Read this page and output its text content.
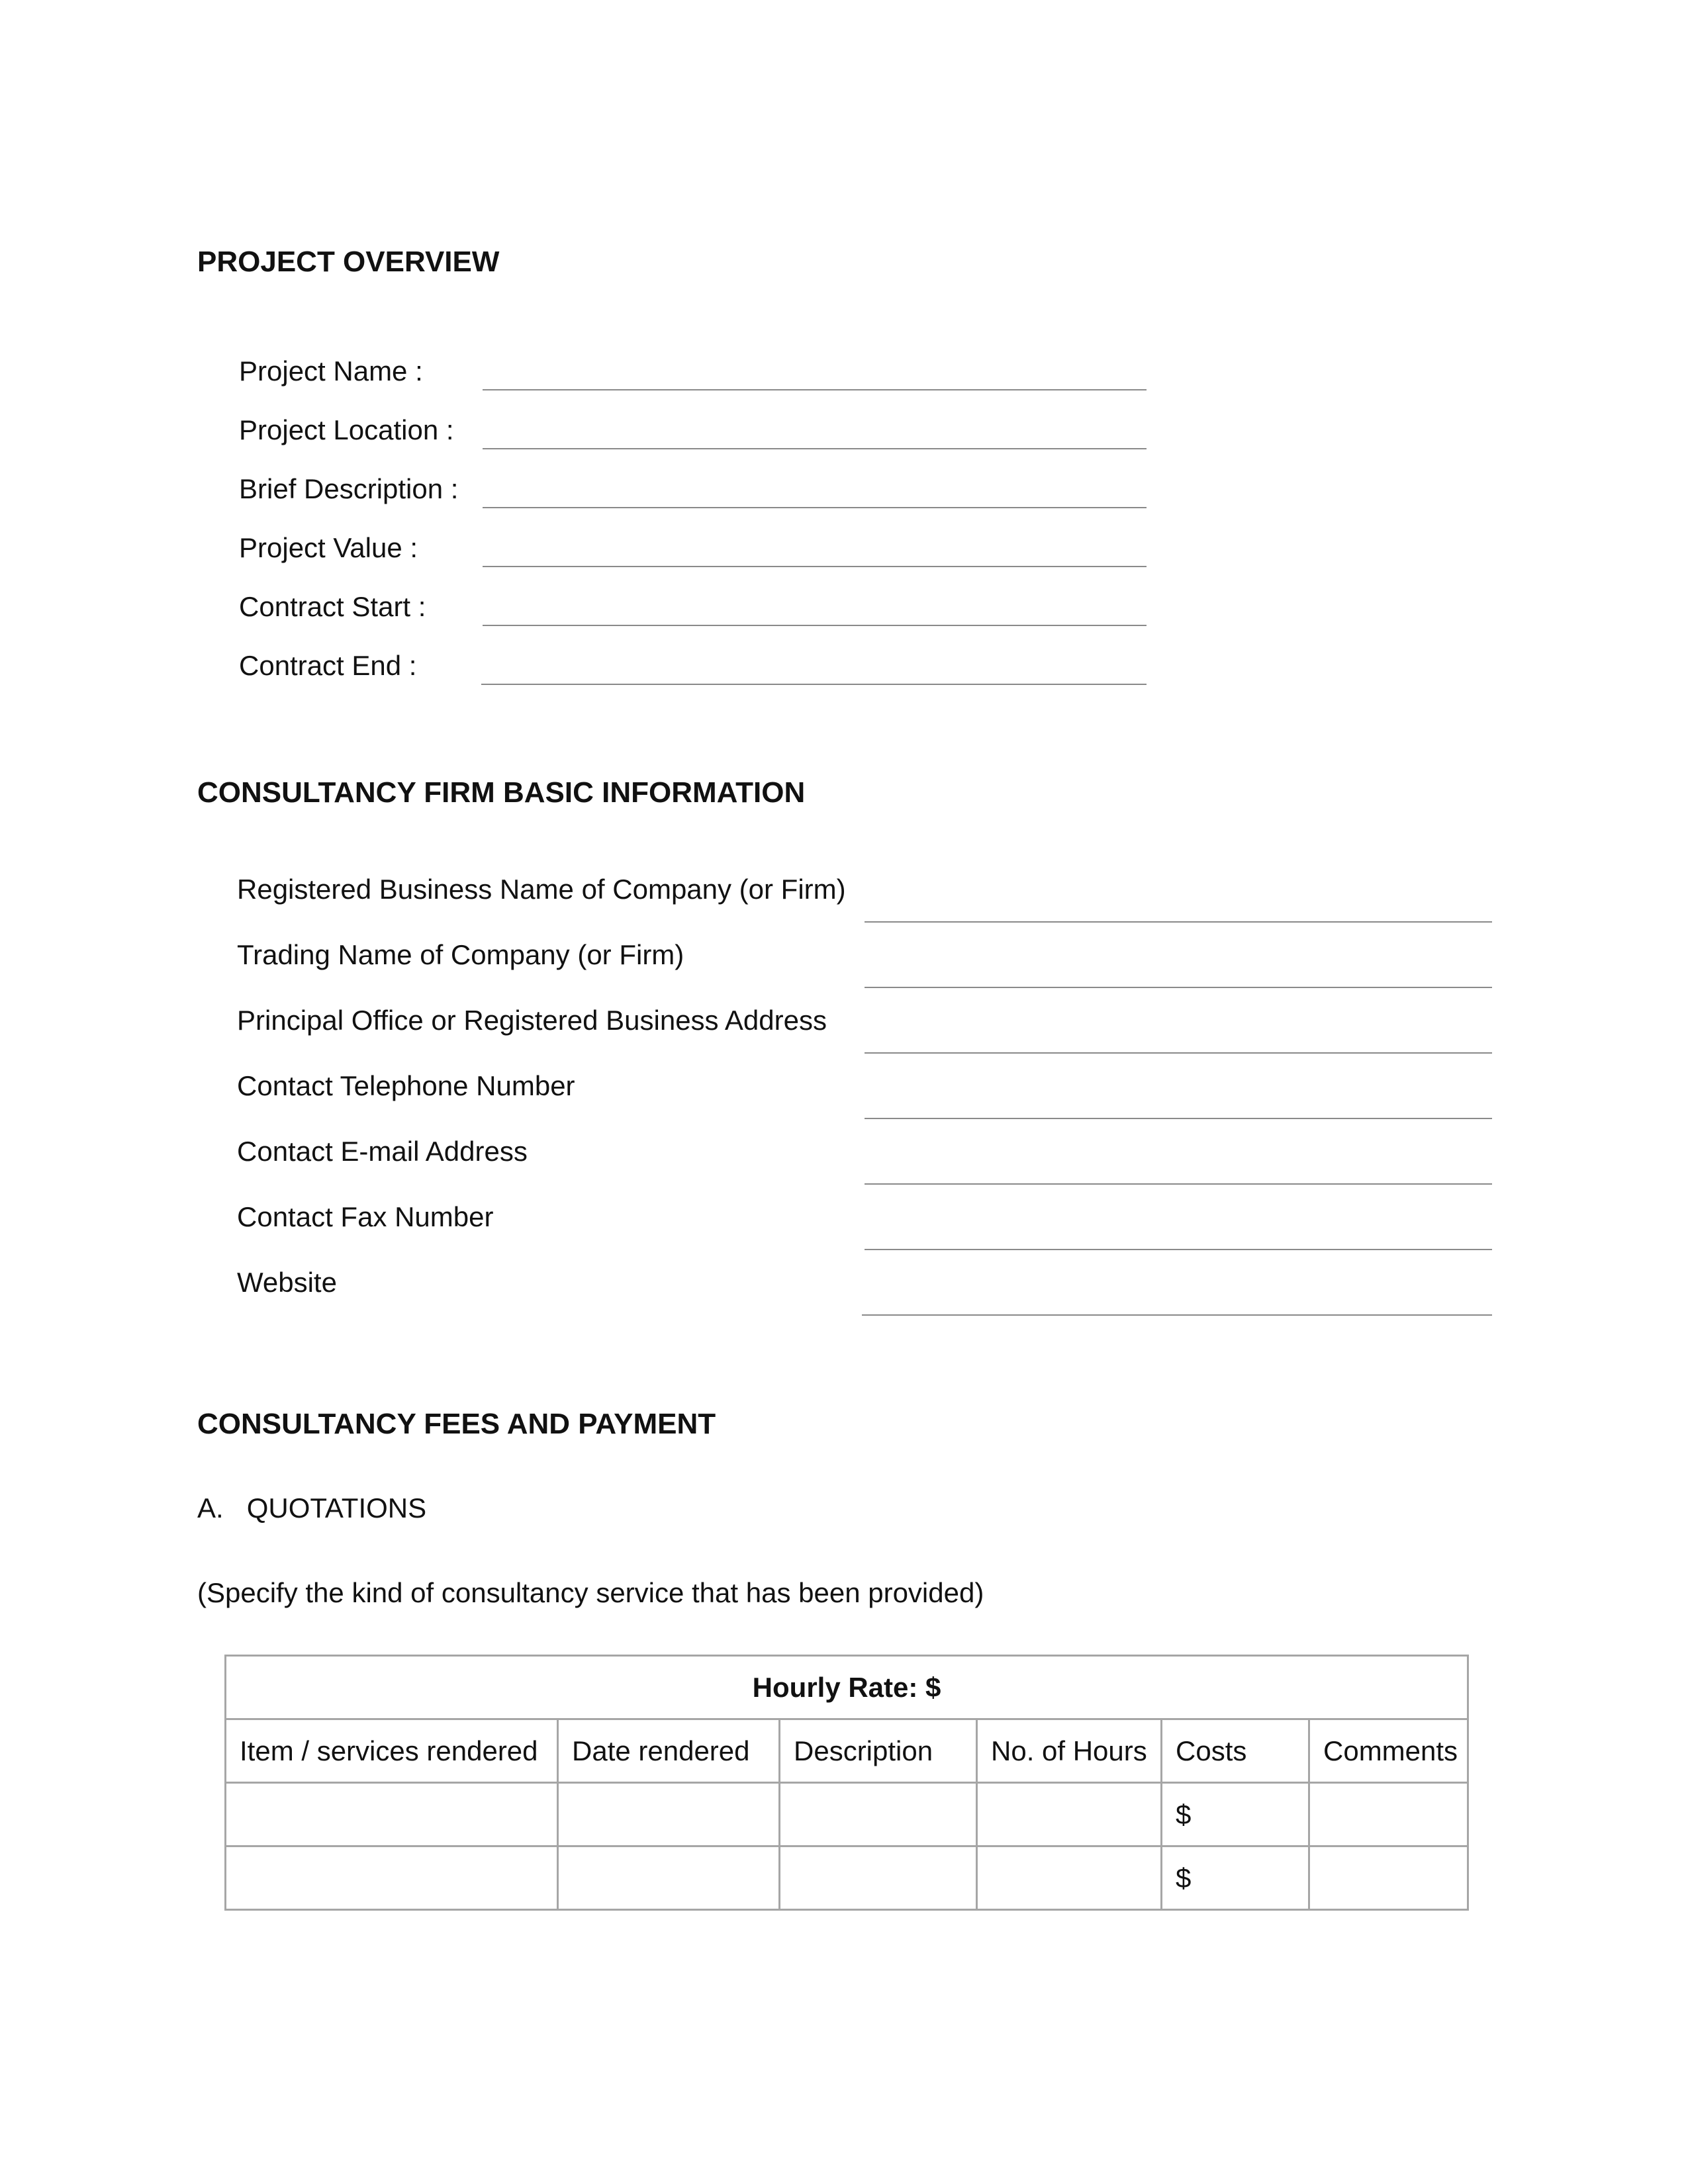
PROJECT OVERVIEW
Project Name :
Project Location :
Brief Description :
Project Value :
Contract Start :
Contract End :
CONSULTANCY FIRM BASIC INFORMATION
Registered Business Name of Company (or Firm)
Trading Name of Company (or Firm)
Principal Office or Registered Business Address
Contact Telephone Number
Contact E-mail Address
Contact Fax Number
Website
CONSULTANCY FEES AND PAYMENT
A.   QUOTATIONS
(Specify the kind of consultancy service that has been provided)
Hourly Rate: $					
Item / services rendered	Date rendered	Description	No. of Hours	Costs	Comments
				$	
				$	
